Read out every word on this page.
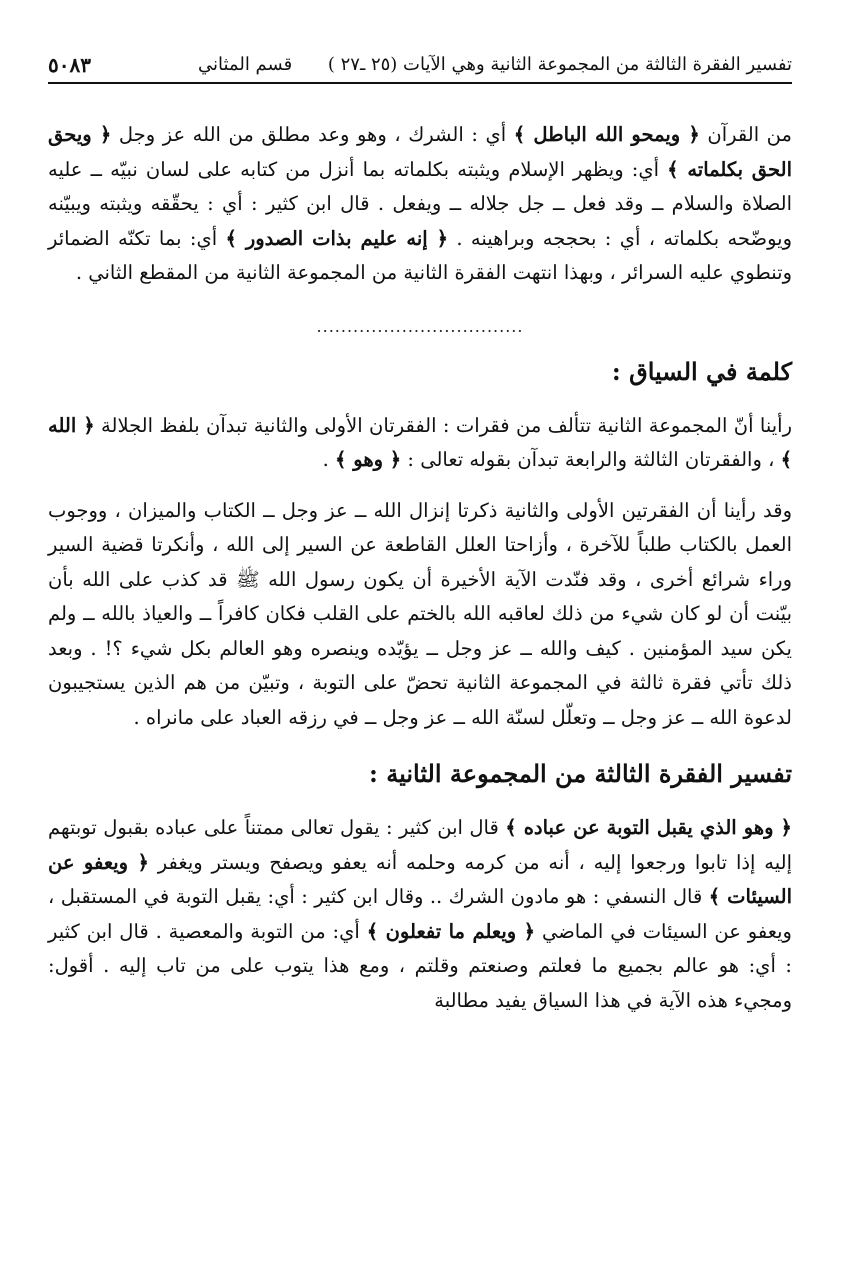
تفسير الفقرة الثالثة من المجموعة الثانية وهي الآيات (٢٥ ـ٢٧ )
قسم المثاني
٥٠٨٣

من القرآن ﴿ ويمحو الله الباطل ﴾ أي : الشرك ، وهو وعد مطلق من الله عز وجل ﴿ ويحق الحق بكلماته ﴾ أي: ويظهر الإسلام ويثبته بكلماته بما أنزل من كتابه على لسان نبيّه ــ عليه الصلاة والسلام ــ وقد فعل ــ جل جلاله ــ ويفعل . قال ابن كثير : أي : يحقّقه ويثبته ويبيّنه ويوضّحه بكلماته ، أي : بحججه وبراهينه . ﴿ إنه عليم بذات الصدور ﴾ أي: بما تكنّه الضمائر وتنطوي عليه السرائر ، وبهذا انتهت الفقرة الثانية من المجموعة الثانية من المقطع الثاني .

..................................
كلمة في السياق :

رأينا أنّ المجموعة الثانية تتألف من فقرات : الفقرتان الأولى والثانية تبدآن بلفظ الجلالة ﴿ الله ﴾ ، والفقرتان الثالثة والرابعة تبدآن بقوله تعالى : ﴿ وهو ﴾ .

وقد رأينا أن الفقرتين الأولى والثانية ذكرتا إنزال الله ــ عز وجل ــ الكتاب والميزان ، ووجوب العمل بالكتاب طلباً للآخرة ، وأزاحتا العلل القاطعة عن السير إلى الله ، وأنكرتا قضية السير وراء شرائع أخرى ، وقد فنّدت الآية الأخيرة أن يكون رسول الله ﷺ قد كذب على الله بأن بيّنت أن لو كان شيء من ذلك لعاقبه الله بالختم على القلب فكان كافراً ــ والعياذ بالله ــ ولم يكن سيد المؤمنين . كيف والله ــ عز وجل ــ يؤيّده وينصره وهو العالم بكل شيء ؟! . وبعد ذلك تأتي فقرة ثالثة في المجموعة الثانية تحضّ على التوبة ، وتبيّن من هم الذين يستجيبون لدعوة الله ــ عز وجل ــ وتعلّل لسنّة الله ــ عز وجل ــ في رزقه العباد على مانراه .

تفسير الفقرة الثالثة من المجموعة الثانية :

﴿ وهو الذي يقبل التوبة عن عباده ﴾ قال ابن كثير : يقول تعالى ممتناً على عباده بقبول توبتهم إليه إذا تابوا ورجعوا إليه ، أنه من كرمه وحلمه أنه يعفو ويصفح ويستر ويغفر ﴿ ويعفو عن السيئات ﴾ قال النسفي : هو مادون الشرك .. وقال ابن كثير : أي: يقبل التوبة في المستقبل ، ويعفو عن السيئات في الماضي ﴿ ويعلم ما تفعلون ﴾ أي: من التوبة والمعصية . قال ابن كثير : أي: هو عالم بجميع ما فعلتم وصنعتم وقلتم ، ومع هذا يتوب على من تاب إليه . أقول: ومجيء هذه الآية في هذا السياق يفيد مطالبة
